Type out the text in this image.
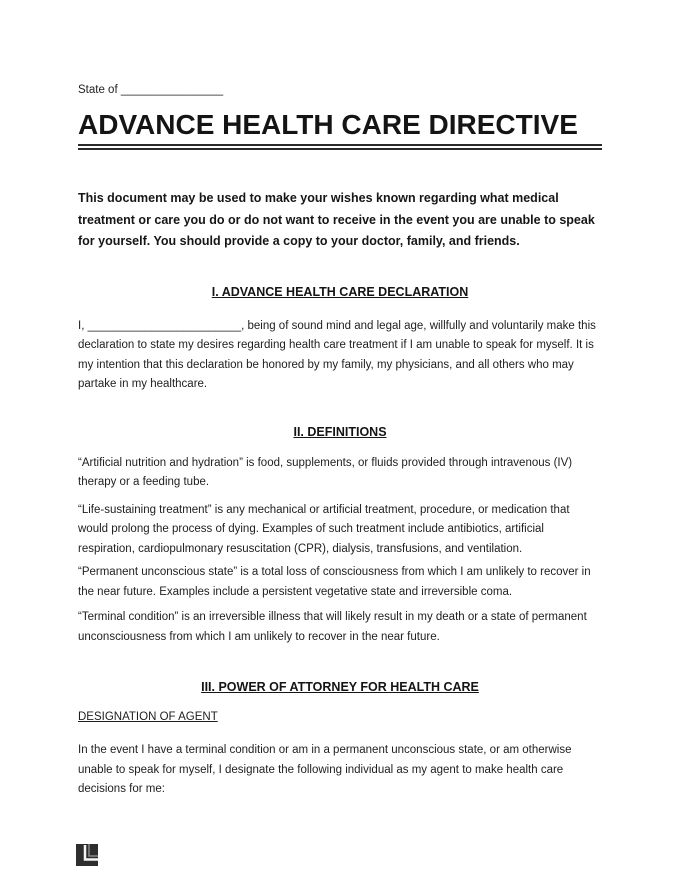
State of ________________

ADVANCE HEALTH CARE DIRECTIVE

This document may be used to make your wishes known regarding what medical treatment or care you do or do not want to receive in the event you are unable to speak for yourself. You should provide a copy to your doctor, family, and friends.

I. ADVANCE HEALTH CARE DECLARATION

I, ________________________, being of sound mind and legal age, willfully and voluntarily make this declaration to state my desires regarding health care treatment if I am unable to speak for myself. It is my intention that this declaration be honored by my family, my physicians, and all others who may partake in my healthcare.

II. DEFINITIONS

“Artificial nutrition and hydration” is food, supplements, or fluids provided through intravenous (IV) therapy or a feeding tube.

“Life-sustaining treatment” is any mechanical or artificial treatment, procedure, or medication that would prolong the process of dying. Examples of such treatment include antibiotics, artificial respiration, cardiopulmonary resuscitation (CPR), dialysis, transfusions, and ventilation.

“Permanent unconscious state” is a total loss of consciousness from which I am unlikely to recover in the near future. Examples include a persistent vegetative state and irreversible coma.

“Terminal condition” is an irreversible illness that will likely result in my death or a state of permanent unconsciousness from which I am unlikely to recover in the near future.

III. POWER OF ATTORNEY FOR HEALTH CARE

DESIGNATION OF AGENT

In the event I have a terminal condition or am in a permanent unconscious state, or am otherwise unable to speak for myself, I designate the following individual as my agent to make health care decisions for me:
